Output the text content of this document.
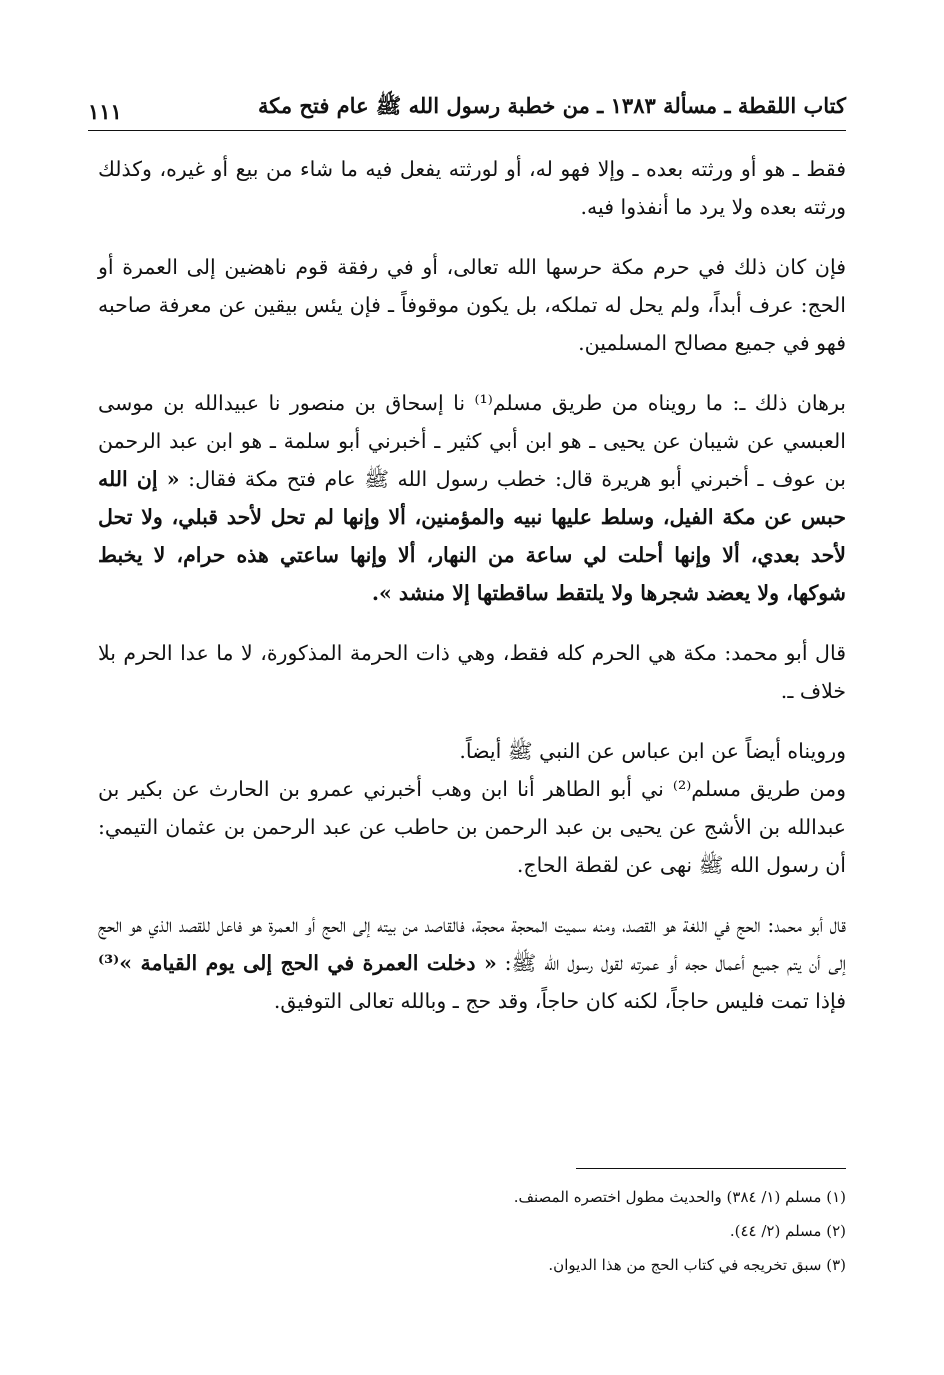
كتاب اللقطة ـ مسألة ١٣٨٣ ـ من خطبة رسول الله ﷺ عام فتح مكة
١١١

فقط ـ هو أو ورثته بعده ـ وإلا فهو له، أو لورثته يفعل فيه ما شاء من بيع أو غيره، وكذلك ورثته بعده ولا يرد ما أنفذوا فيه.

فإن كان ذلك في حرم مكة حرسها الله تعالى، أو في رفقة قوم ناهضين إلى العمرة أو الحج: عرف أبداً، ولم يحل له تملكه، بل يكون موقوفاً ـ فإن يئس بيقين عن معرفة صاحبه فهو في جميع مصالح المسلمين.

برهان ذلك ـ: ما رويناه من طريق مسلم⁽¹⁾ نا إسحاق بن منصور نا عبيدالله بن موسى العبسي عن شيبان عن يحيى ـ هو ابن أبي كثير ـ أخبرني أبو سلمة ـ هو ابن عبد الرحمن بن عوف ـ أخبرني أبو هريرة قال: خطب رسول الله ﷺ عام فتح مكة فقال: « إن الله حبس عن مكة الفيل، وسلط عليها نبيه والمؤمنين، ألا وإنها لم تحل لأحد قبلي، ولا تحل لأحد بعدي، ألا وإنها أحلت لي ساعة من النهار، ألا وإنها ساعتي هذه حرام، لا يخبط شوكها، ولا يعضد شجرها ولا يلتقط ساقطتها إلا منشد ».

قال أبو محمد: مكة هي الحرم كله فقط، وهي ذات الحرمة المذكورة، لا ما عدا الحرم بلا خلاف ـ.

ورويناه أيضاً عن ابن عباس عن النبي ﷺ أيضاً.

ومن طريق مسلم⁽²⁾ ني أبو الطاهر أنا ابن وهب أخبرني عمرو بن الحارث عن بكير بن عبدالله بن الأشج عن يحيى بن عبد الرحمن بن حاطب عن عبد الرحمن بن عثمان التيمي: أن رسول الله ﷺ نهى عن لقطة الحاج.

قال أبو محمد: الحج في اللغة هو القصد، ومنه سميت المحجة محجة، فالقاصد من بيته إلى الحج أو العمرة هو فاعل للقصد الذي هو الحج إلى أن يتم جميع أعمال حجه أو عمرته لقول رسول الله ﷺ: « دخلت العمرة في الحج إلى يوم القيامة »⁽³⁾ فإذا تمت فليس حاجاً، لكنه كان حاجاً، وقد حج ـ وبالله تعالى التوفيق.

(١) مسلم (١/ ٣٨٤) والحديث مطول اختصره المصنف.

(٢) مسلم (٢/ ٤٤).

(٣) سبق تخريجه في كتاب الحج من هذا الديوان.
